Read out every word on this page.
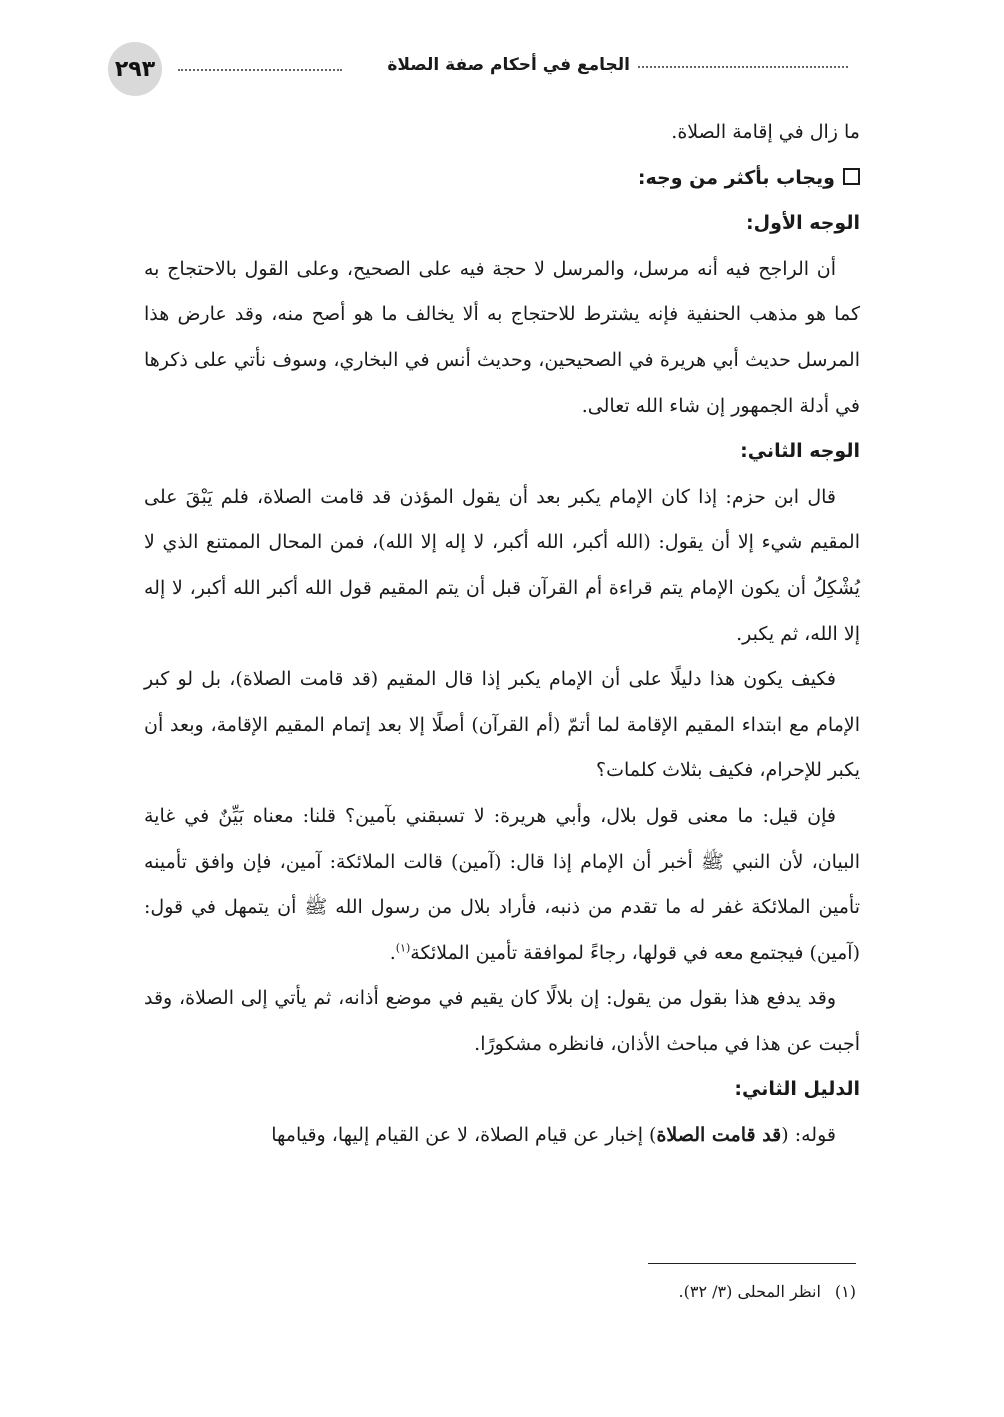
٢٩٣	الجامع في أحكام صفة الصلاة

ما زال في إقامة الصلاة.

ويجاب بأكثر من وجه:

الوجه الأول:

أن الراجح فيه أنه مرسل، والمرسل لا حجة فيه على الصحيح، وعلى القول بالاحتجاج به كما هو مذهب الحنفية فإنه يشترط للاحتجاج به ألا يخالف ما هو أصح منه، وقد عارض هذا المرسل حديث أبي هريرة في الصحيحين، وحديث أنس في البخاري، وسوف نأتي على ذكرها في أدلة الجمهور إن شاء الله تعالى.

الوجه الثاني:

قال ابن حزم: إذا كان الإمام يكبر بعد أن يقول المؤذن قد قامت الصلاة، فلم يَبْقَ على المقيم شيء إلا أن يقول: (الله أكبر، الله أكبر، لا إله إلا الله)، فمن المحال الممتنع الذي لا يُشْكِلُ أن يكون الإمام يتم قراءة أم القرآن قبل أن يتم المقيم قول الله أكبر الله أكبر، لا إله إلا الله، ثم يكبر.

فكيف يكون هذا دليلًا على أن الإمام يكبر إذا قال المقيم (قد قامت الصلاة)، بل لو كبر الإمام مع ابتداء المقيم الإقامة لما أتمّ (أم القرآن) أصلًا إلا بعد إتمام المقيم الإقامة، وبعد أن يكبر للإحرام، فكيف بثلاث كلمات؟

فإن قيل: ما معنى قول بلال، وأبي هريرة: لا تسبقني بآمين؟ قلنا: معناه بَيِّنٌ في غاية البيان، لأن النبي ﷺ أخبر أن الإمام إذا قال: (آمين) قالت الملائكة: آمين، فإن وافق تأمينه تأمين الملائكة غفر له ما تقدم من ذنبه، فأراد بلال من رسول الله ﷺ أن يتمهل في قول: (آمين) فيجتمع معه في قولها، رجاءً لموافقة تأمين الملائكة$^{(١)}$.

وقد يدفع هذا بقول من يقول: إن بلالًا كان يقيم في موضع أذانه، ثم يأتي إلى الصلاة، وقد أجبت عن هذا في مباحث الأذان، فانظره مشكورًا.

الدليل الثاني:

قوله: (قد قامت الصلاة) إخبار عن قيام الصلاة، لا عن القيام إليها، وقيامها

(١)انظر المحلى (٣/ ٣٢).
